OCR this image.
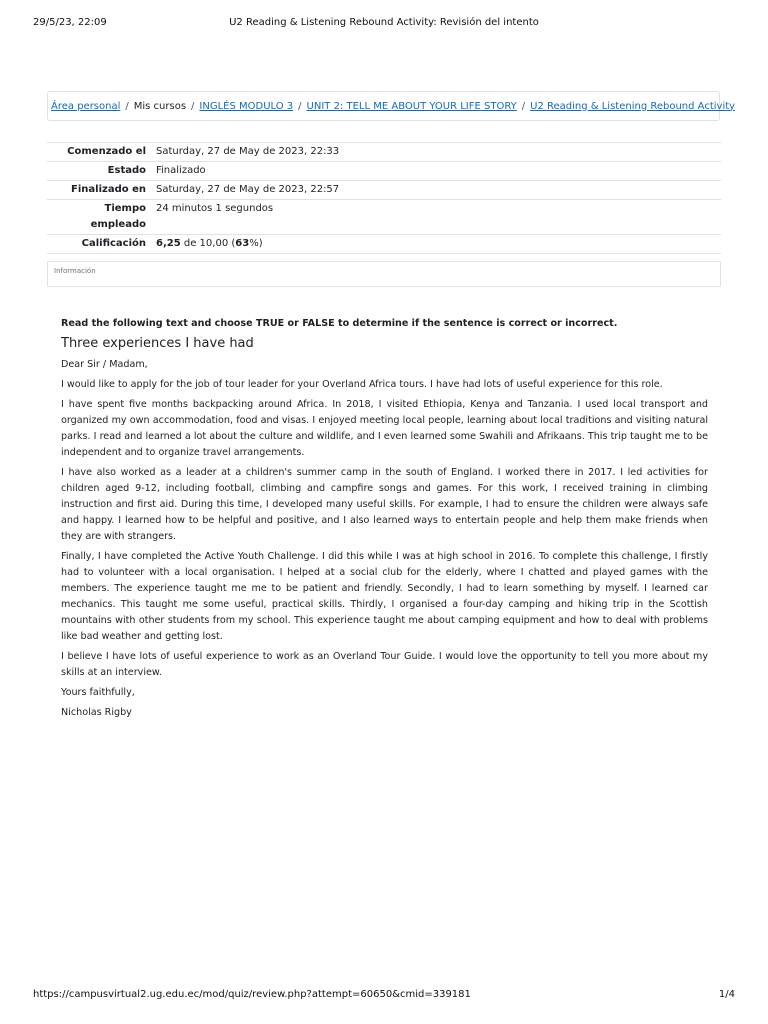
29/5/23, 22:09	U2 Reading & Listening Rebound Activity: Revisión del intento
Área personal / Mis cursos / INGLÉS MODULO 3 / UNIT 2: TELL ME ABOUT YOUR LIFE STORY / U2 Reading & Listening Rebound Activity
Comenzado el	Saturday, 27 de May de 2023, 22:33
Estado	Finalizado
Finalizado en	Saturday, 27 de May de 2023, 22:57
Tiempo empleado	24 minutos 1 segundos
Calificación	6,25 de 10,00 (63%)
Información

Read the following text and choose TRUE or FALSE to determine if the sentence is correct or incorrect.

Three experiences I have had

Dear Sir / Madam,

I would like to apply for the job of tour leader for your Overland Africa tours. I have had lots of useful experience for this role.

I have spent five months backpacking around Africa. In 2018, I visited Ethiopia, Kenya and Tanzania. I used local transport and organized my own accommodation, food and visas. I enjoyed meeting local people, learning about local traditions and visiting natural parks. I read and learned a lot about the culture and wildlife, and I even learned some Swahili and Afrikaans. This trip taught me to be independent and to organize travel arrangements.

I have also worked as a leader at a children's summer camp in the south of England. I worked there in 2017. I led activities for children aged 9-12, including football, climbing and campfire songs and games. For this work, I received training in climbing instruction and first aid. During this time, I developed many useful skills. For example, I had to ensure the children were always safe and happy. I learned how to be helpful and positive, and I also learned ways to entertain people and help them make friends when they are with strangers.

Finally, I have completed the Active Youth Challenge. I did this while I was at high school in 2016. To complete this challenge, I firstly had to volunteer with a local organisation. I helped at a social club for the elderly, where I chatted and played games with the members. The experience taught me me to be patient and friendly. Secondly, I had to learn something by myself. I learned car mechanics. This taught me some useful, practical skills. Thirdly, I organised a four-day camping and hiking trip in the Scottish mountains with other students from my school. This experience taught me about camping equipment and how to deal with problems like bad weather and getting lost.

I believe I have lots of useful experience to work as an Overland Tour Guide. I would love the opportunity to tell you more about my skills at an interview.

Yours faithfully,

Nicholas Rigby

https://campusvirtual2.ug.edu.ec/mod/quiz/review.php?attempt=60650&cmid=339181	1/4
